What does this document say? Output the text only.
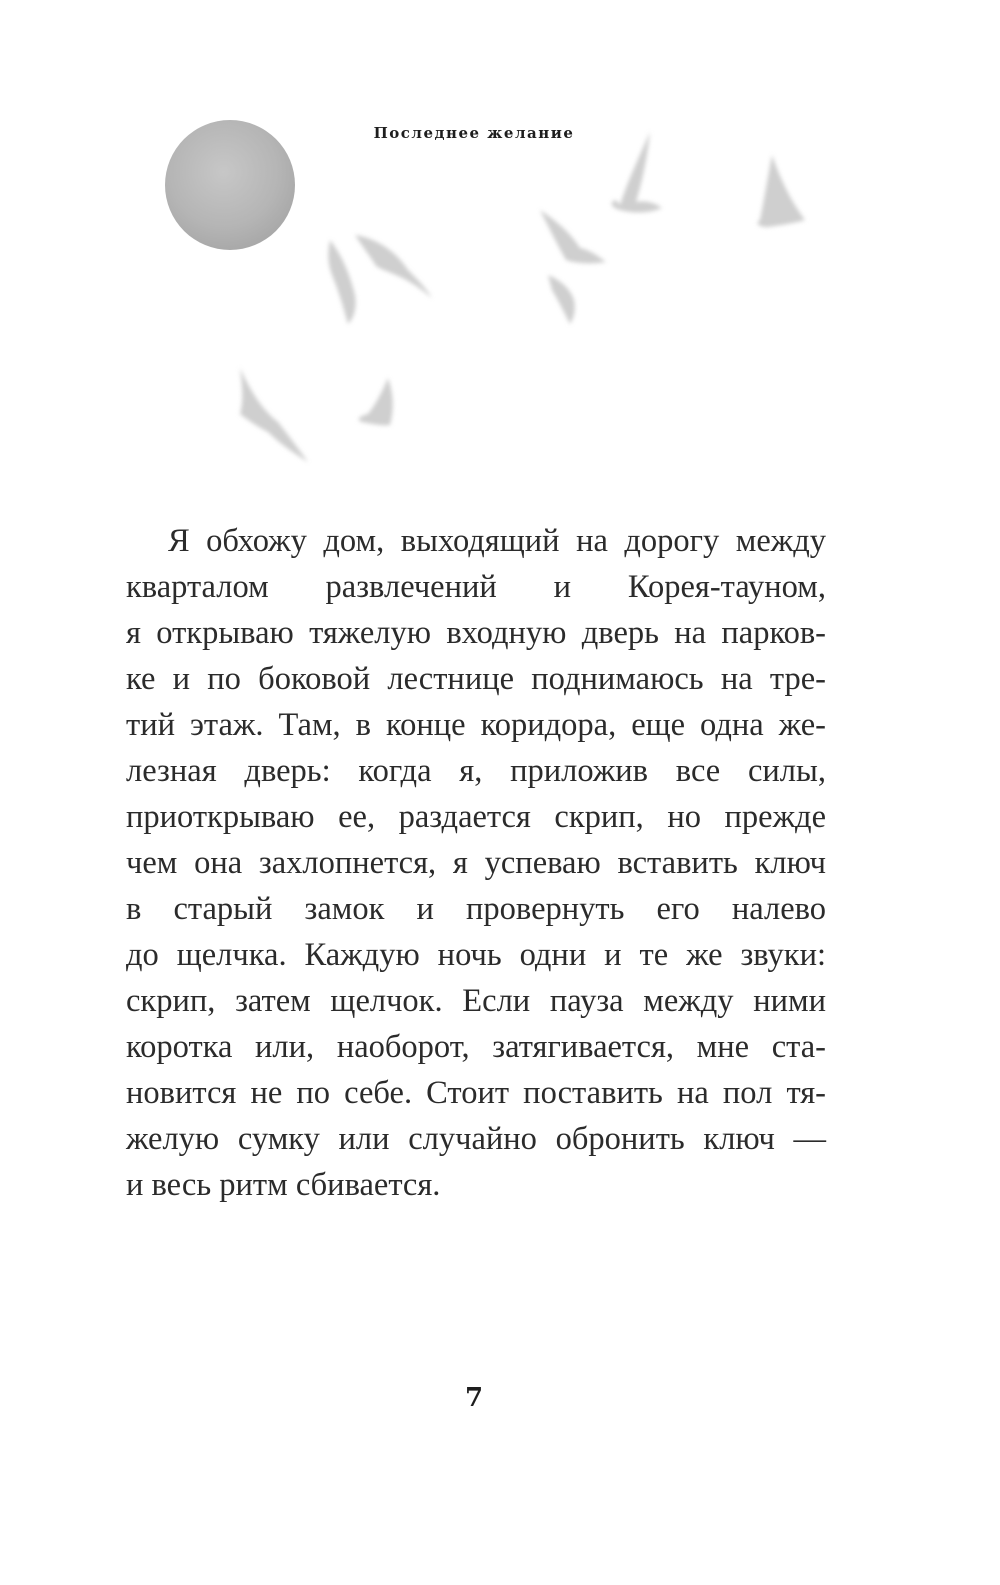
Последнее желание
Я обхожу дом, выходящий на дорогу между
кварталом развлечений и Корея-тауном,
я открываю тяжелую входную дверь на парков-
ке и по боковой лестнице поднимаюсь на тре-
тий этаж. Там, в конце коридора, еще одна же-
лезная дверь: когда я, приложив все силы,
приоткрываю ее, раздается скрип, но прежде
чем она захлопнется, я успеваю вставить ключ
в старый замок и провернуть его налево
до щелчка. Каждую ночь одни и те же звуки:
скрип, затем щелчок. Если пауза между ними
коротка или, наоборот, затягивается, мне ста-
новится не по себе. Стоит поставить на пол тя-
желую сумку или случайно обронить ключ —
и весь ритм сбивается.
7
